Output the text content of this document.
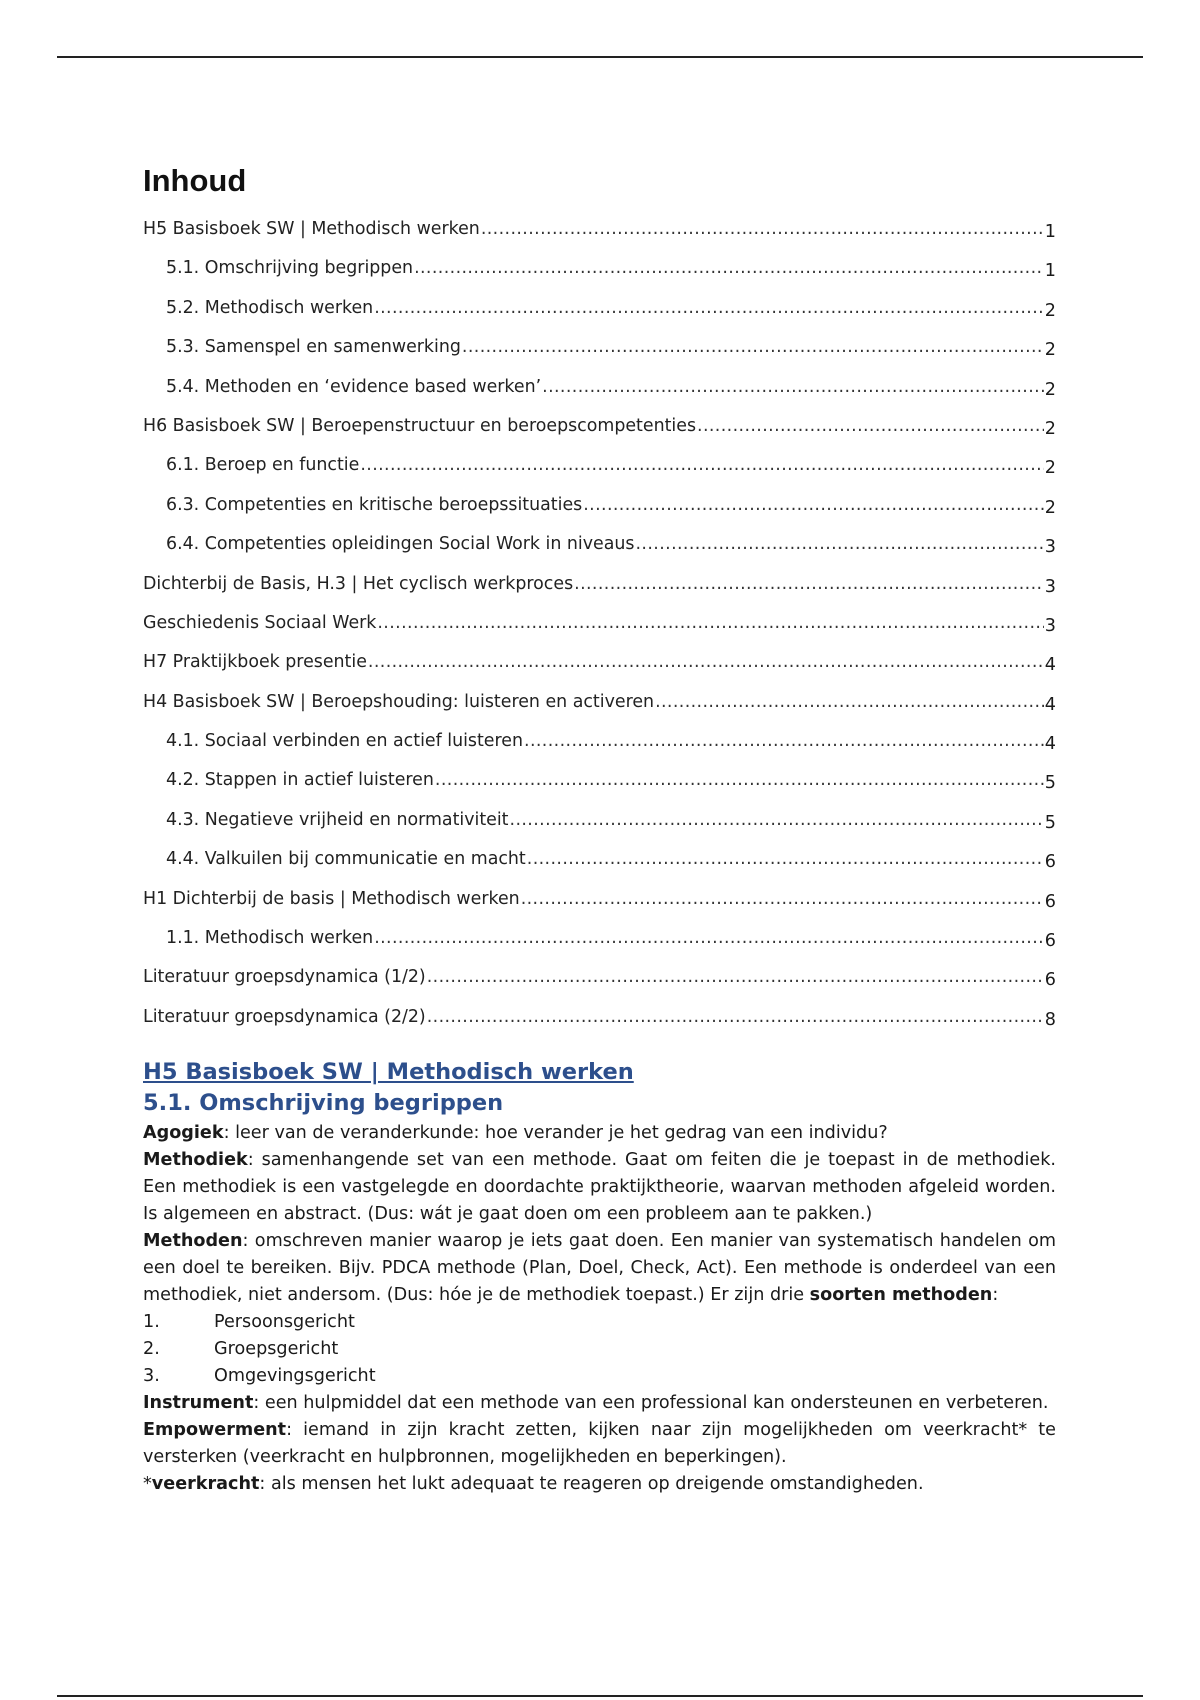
Inhoud
H5 Basisboek SW | Methodisch werken .....	1
5.1. Omschrijving begrippen .....	1
5.2. Methodisch werken .....	2
5.3. Samenspel en samenwerking .....	2
5.4. Methoden en ‘evidence based werken’ .....	2
H6 Basisboek SW | Beroepenstructuur en beroepscompetenties .....	2
6.1. Beroep en functie .....	2
6.3. Competenties en kritische beroepssituaties .....	2
6.4. Competenties opleidingen Social Work in niveaus .....	3
Dichterbij de Basis, H.3 | Het cyclisch werkproces .....	3
Geschiedenis Sociaal Werk .....	3
H7 Praktijkboek presentie .....	4
H4 Basisboek SW | Beroepshouding: luisteren en activeren .....	4
4.1. Sociaal verbinden en actief luisteren .....	4
4.2. Stappen in actief luisteren .....	5
4.3. Negatieve vrijheid en normativiteit .....	5
4.4. Valkuilen bij communicatie en macht .....	6
H1 Dichterbij de basis | Methodisch werken .....	6
1.1. Methodisch werken .....	6
Literatuur groepsdynamica (1/2) .....	6
Literatuur groepsdynamica (2/2) .....	8

H5 Basisboek SW | Methodisch werken

5.1. Omschrijving begrippen

Agogiek: leer van de veranderkunde: hoe verander je het gedrag van een individu?

Methodiek: samenhangende set van een methode. Gaat om feiten die je toepast in de methodiek. Een methodiek is een vastgelegde en doordachte praktijktheorie, waarvan methoden afgeleid worden. Is algemeen en abstract. (Dus: wát je gaat doen om een probleem aan te pakken.)

Methoden: omschreven manier waarop je iets gaat doen. Een manier van systematisch handelen om een doel te bereiken. Bijv. PDCA methode (Plan, Doel, Check, Act). Een methode is onderdeel van een methodiek, niet andersom. (Dus: hóe je de methodiek toepast.) Er zijn drie soorten methoden:

1.	Persoonsgericht
2.	Groepsgericht
3.	Omgevingsgericht

Instrument: een hulpmiddel dat een methode van een professional kan ondersteunen en verbeteren.

Empowerment: iemand in zijn kracht zetten, kijken naar zijn mogelijkheden om veerkracht* te versterken (veerkracht en hulpbronnen, mogelijkheden en beperkingen).

*veerkracht: als mensen het lukt adequaat te reageren op dreigende omstandigheden.
